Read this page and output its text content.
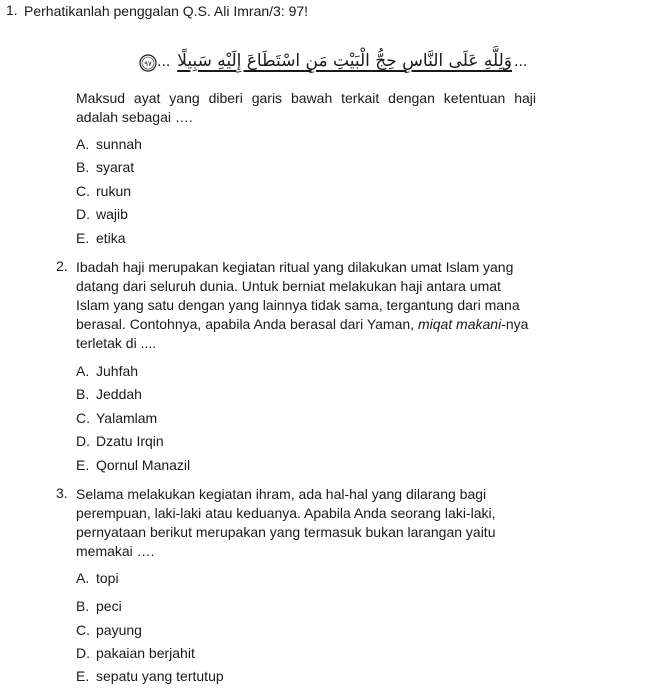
1. Perhatikanlah penggalan Q.S. Ali Imran/3: 97!
٩٧ ... وَلِلَّهِ عَلَى النَّاسِ حِجُّ الْبَيْتِ مَنِ اسْتَطَاعَ إِلَيْهِ سَبِيلًا ...
Maksud ayat yang diberi garis bawah terkait dengan ketentuan haji adalah sebagai ….
A. sunnah
B. syarat
C. rukun
D. wajib
E. etika
2. Ibadah haji merupakan kegiatan ritual yang dilakukan umat Islam yang
datang dari seluruh dunia. Untuk berniat melakukan haji antara umat
Islam yang satu dengan yang lainnya tidak sama, tergantung dari mana
berasal. Contohnya, apabila Anda berasal dari Yaman, miqat makani-nya
terletak di ....
A. Juhfah
B. Jeddah
C. Yalamlam
D. Dzatu Irqin
E. Qornul Manazil
3. Selama melakukan kegiatan ihram, ada hal-hal yang dilarang bagi
perempuan, laki-laki atau keduanya. Apabila Anda seorang laki-laki,
pernyataan berikut merupakan yang termasuk bukan larangan yaitu
memakai ….
A. topi
B. peci
C. payung
D. pakaian berjahit
E. sepatu yang tertutup
